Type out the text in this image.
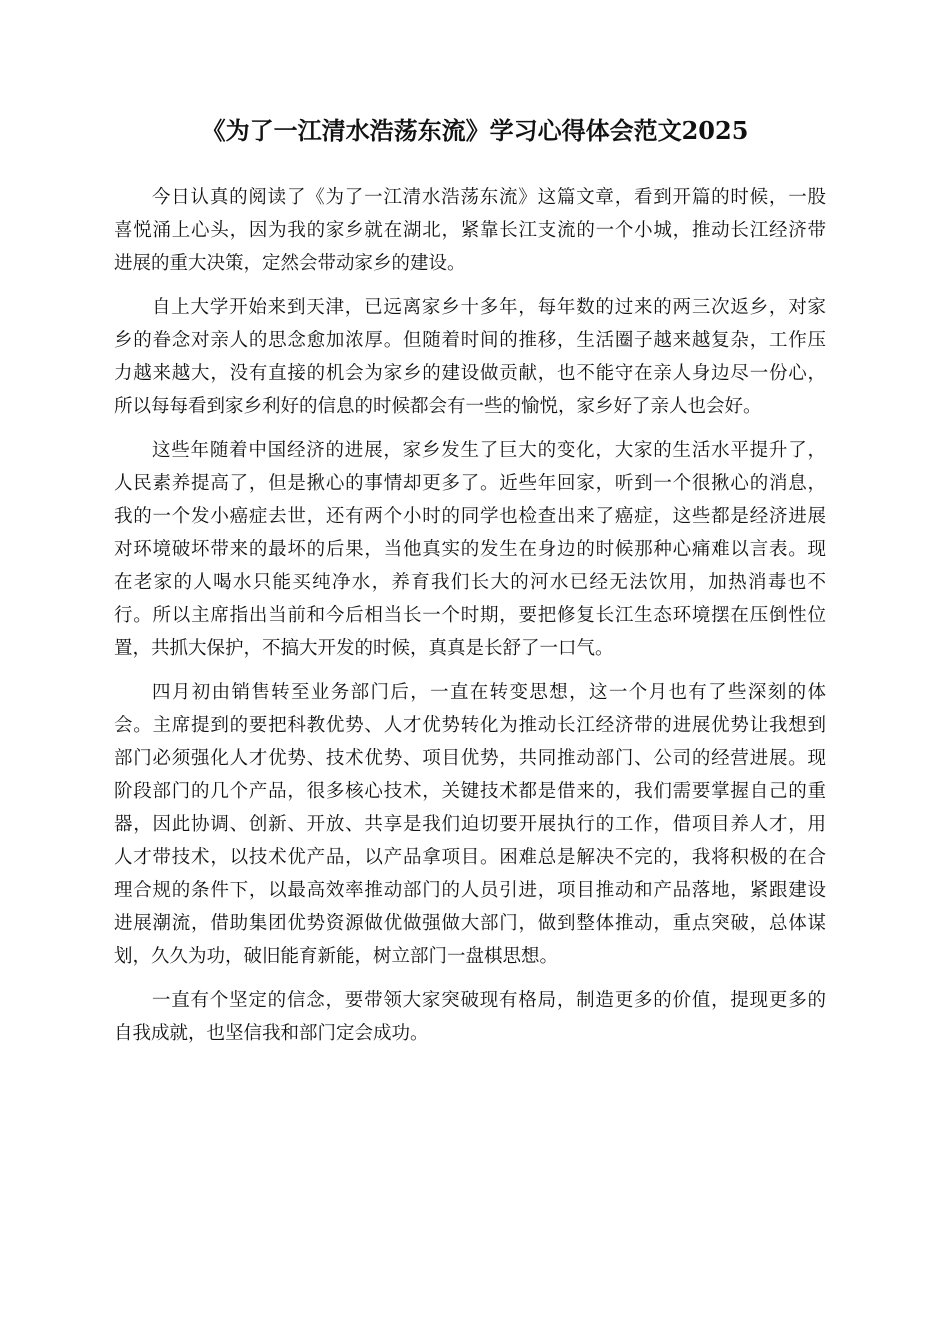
《为了一江清水浩荡东流》学习心得体会范文2025
今日认真的阅读了《为了一江清水浩荡东流》这篇文章，看到开篇的时候，一股
喜悦涌上心头，因为我的家乡就在湖北，紧靠长江支流的一个小城，推动长江经济带
进展的重大决策，定然会带动家乡的建设。
自上大学开始来到天津，已远离家乡十多年，每年数的过来的两三次返乡，对家
乡的眷念对亲人的思念愈加浓厚。但随着时间的推移，生活圈子越来越复杂，工作压
力越来越大，没有直接的机会为家乡的建设做贡献，也不能守在亲人身边尽一份心，
所以每每看到家乡利好的信息的时候都会有一些的愉悦，家乡好了亲人也会好。
这些年随着中国经济的进展，家乡发生了巨大的变化，大家的生活水平提升了，
人民素养提高了，但是揪心的事情却更多了。近些年回家，听到一个很揪心的消息，
我的一个发小癌症去世，还有两个小时的同学也检查出来了癌症，这些都是经济进展
对环境破坏带来的最坏的后果，当他真实的发生在身边的时候那种心痛难以言表。现
在老家的人喝水只能买纯净水，养育我们长大的河水已经无法饮用，加热消毒也不
行。所以主席指出当前和今后相当长一个时期，要把修复长江生态环境摆在压倒性位
置，共抓大保护，不搞大开发的时候，真真是长舒了一口气。
四月初由销售转至业务部门后，一直在转变思想，这一个月也有了些深刻的体
会。主席提到的要把科教优势、人才优势转化为推动长江经济带的进展优势让我想到
部门必须强化人才优势、技术优势、项目优势，共同推动部门、公司的经营进展。现
阶段部门的几个产品，很多核心技术，关键技术都是借来的，我们需要掌握自己的重
器，因此协调、创新、开放、共享是我们迫切要开展执行的工作，借项目养人才，用
人才带技术，以技术优产品，以产品拿项目。困难总是解决不完的，我将积极的在合
理合规的条件下，以最高效率推动部门的人员引进，项目推动和产品落地，紧跟建设
进展潮流，借助集团优势资源做优做强做大部门，做到整体推动，重点突破，总体谋
划，久久为功，破旧能育新能，树立部门一盘棋思想。
一直有个坚定的信念，要带领大家突破现有格局，制造更多的价值，提现更多的
自我成就，也坚信我和部门定会成功。
